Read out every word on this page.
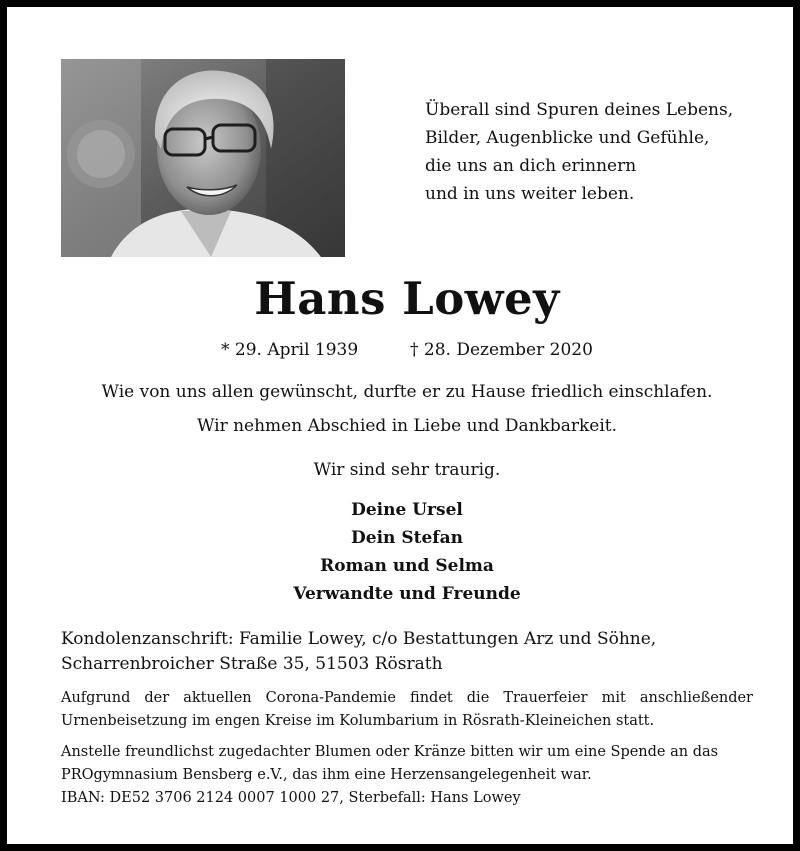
Überall sind Spuren deines Lebens,
Bilder, Augenblicke und Gefühle,
die uns an dich erinnern
und in uns weiter leben.
Hans Lowey
* 29. April 1939	† 28. Dezember 2020
Wie von uns allen gewünscht, durfte er zu Hause friedlich einschlafen.
Wir nehmen Abschied in Liebe und Dankbarkeit.
Wir sind sehr traurig.
Deine Ursel
Dein Stefan
Roman und Selma
Verwandte und Freunde
Kondolenzanschrift: Familie Lowey, c/o Bestattungen Arz und Söhne,
Scharrenbroicher Straße 35, 51503 Rösrath
Aufgrund der aktuellen Corona-Pandemie findet die Trauerfeier mit anschließender
Urnenbeisetzung im engen Kreise im Kolumbarium in Rösrath-Kleineichen statt.
Anstelle freundlichst zugedachter Blumen oder Kränze bitten wir um eine Spende an das
PROgymnasium Bensberg e.V., das ihm eine Herzensangelegenheit war.
IBAN: DE52 3706 2124 0007 1000 27, Sterbefall: Hans Lowey
